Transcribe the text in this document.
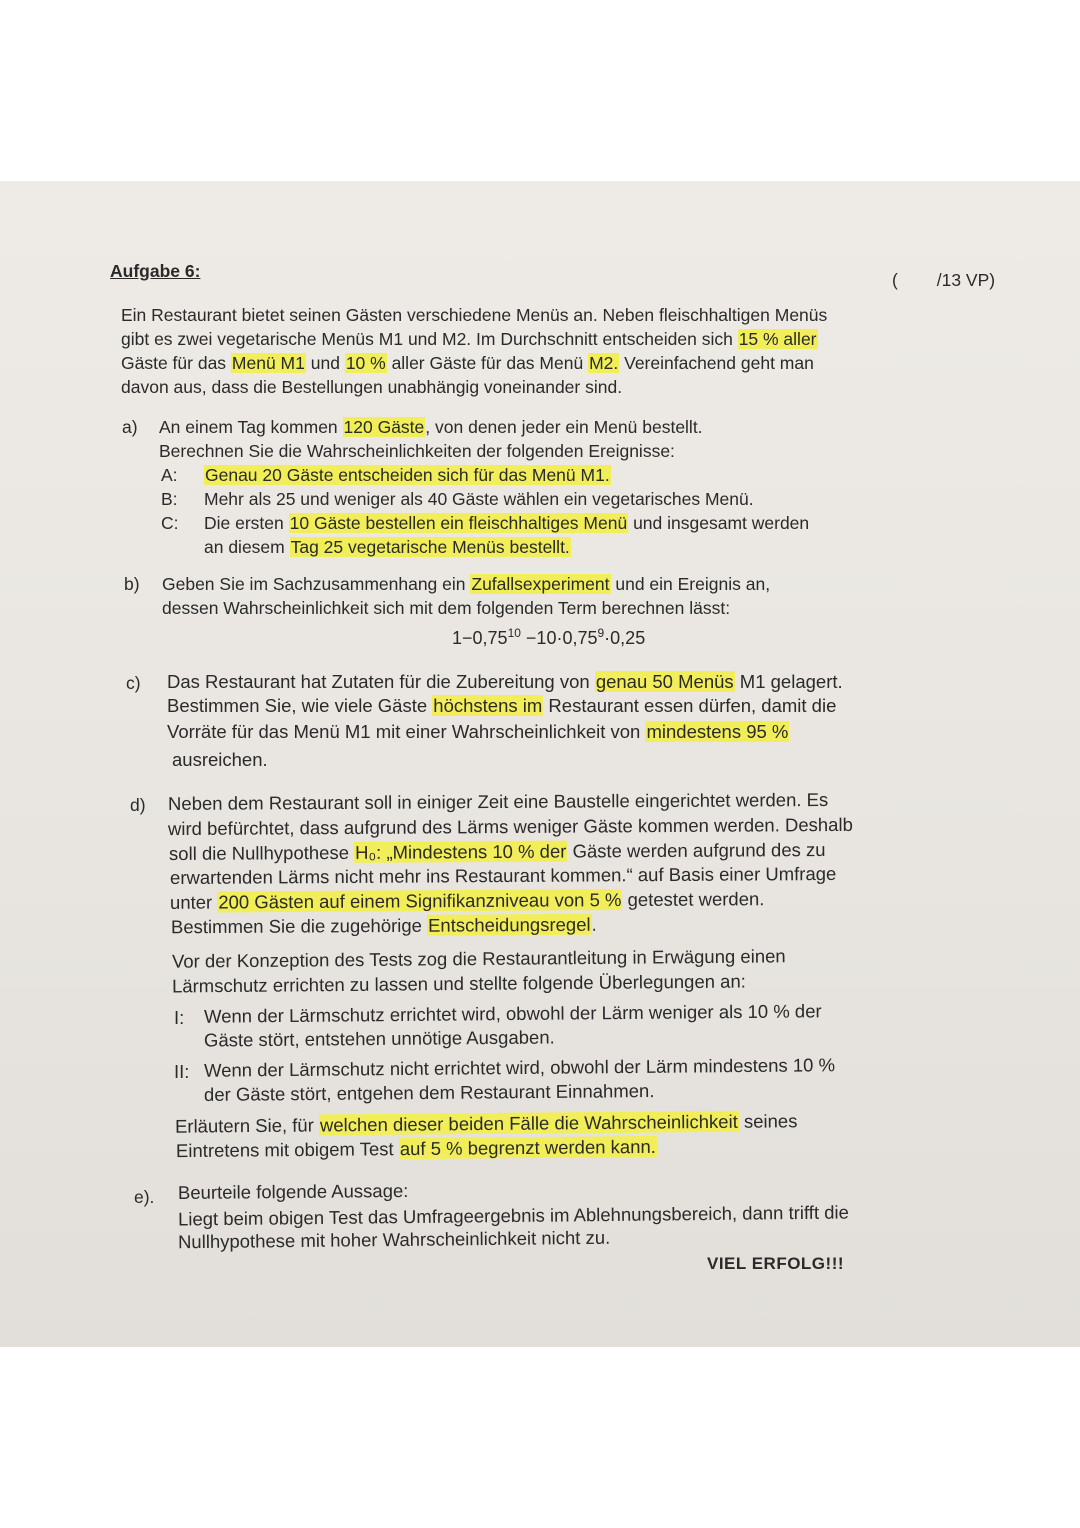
Aufgabe 6:	(        /13 VP)
Ein Restaurant bietet seinen Gästen verschiedene Menüs an. Neben fleischhaltigen Menüs
gibt es zwei vegetarische Menüs M1 und M2. Im Durchschnitt entscheiden sich 15 % aller
Gäste für das Menü M1 und 10 % aller Gäste für das Menü M2. Vereinfachend geht man
davon aus, dass die Bestellungen unabhängig voneinander sind.
a) An einem Tag kommen 120 Gäste, von denen jeder ein Menü bestellt.
Berechnen Sie die Wahrscheinlichkeiten der folgenden Ereignisse:
A: Genau 20 Gäste entscheiden sich für das Menü M1.
B: Mehr als 25 und weniger als 40 Gäste wählen ein vegetarisches Menü.
C: Die ersten 10 Gäste bestellen ein fleischhaltiges Menü und insgesamt werden
an diesem Tag 25 vegetarische Menüs bestellt.
b) Geben Sie im Sachzusammenhang ein Zufallsexperiment und ein Ereignis an,
dessen Wahrscheinlichkeit sich mit dem folgenden Term berechnen lässt:
$1-0,75^{10} -10\cdot 0,75^9\cdot 0,25$
c) Das Restaurant hat Zutaten für die Zubereitung von genau 50 Menüs M1 gelagert.
Bestimmen Sie, wie viele Gäste höchstens im Restaurant essen dürfen, damit die
Vorräte für das Menü M1 mit einer Wahrscheinlichkeit von mindestens 95 %
ausreichen.
d) Neben dem Restaurant soll in einiger Zeit eine Baustelle eingerichtet werden. Es
wird befürchtet, dass aufgrund des Lärms weniger Gäste kommen werden. Deshalb
soll die Nullhypothese H₀: „Mindestens 10 % der Gäste werden aufgrund des zu
erwartenden Lärms nicht mehr ins Restaurant kommen.“ auf Basis einer Umfrage
unter 200 Gästen auf einem Signifikanzniveau von 5 % getestet werden.
Bestimmen Sie die zugehörige Entscheidungsregel.
Vor der Konzeption des Tests zog die Restaurantleitung in Erwägung einen
Lärmschutz errichten zu lassen und stellte folgende Überlegungen an:
I: Wenn der Lärmschutz errichtet wird, obwohl der Lärm weniger als 10 % der
Gäste stört, entstehen unnötige Ausgaben.
II: Wenn der Lärmschutz nicht errichtet wird, obwohl der Lärm mindestens 10 %
der Gäste stört, entgehen dem Restaurant Einnahmen.
Erläutern Sie, für welchen dieser beiden Fälle die Wahrscheinlichkeit seines
Eintretens mit obigem Test auf 5 % begrenzt werden kann.
e). Beurteile folgende Aussage:
Liegt beim obigen Test das Umfrageergebnis im Ablehnungsbereich, dann trifft die
Nullhypothese mit hoher Wahrscheinlichkeit nicht zu.
VIEL ERFOLG!!!
